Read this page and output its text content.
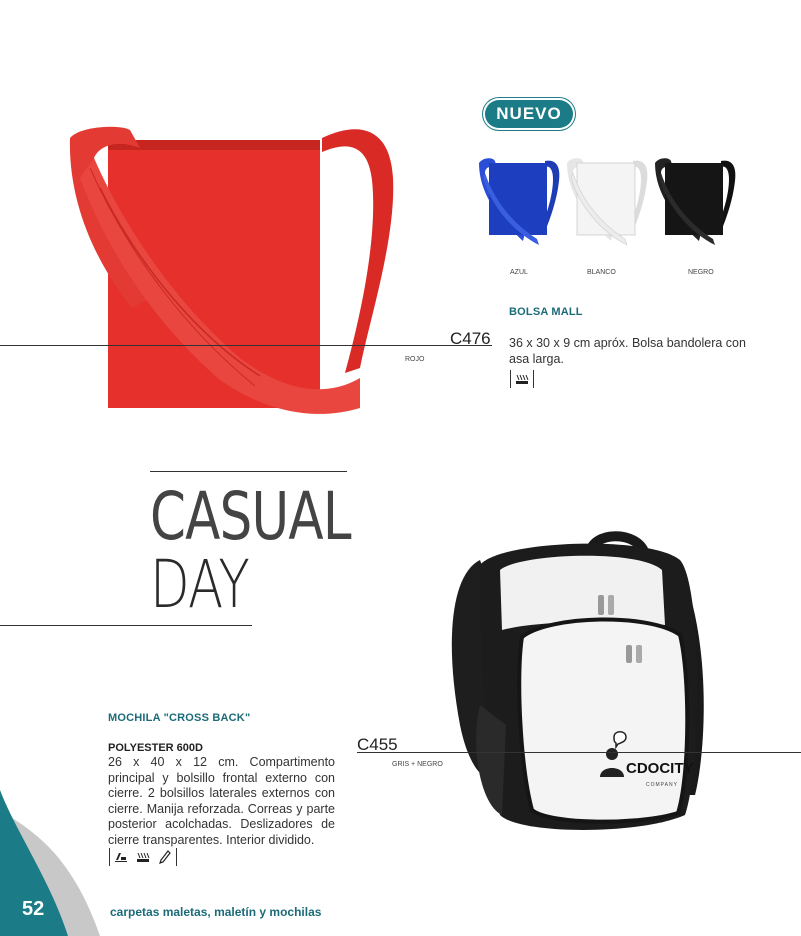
NUEVO
AZUL	BLANCO	NEGRO
BOLSA MALL
C476
ROJO
36 x 30 x 9 cm apróx. Bolsa bandolera con asa larga.
CASUAL
DAY
CDOCITY
COMPANY
C455
GRIS + NEGRO
MOCHILA "CROSS BACK"
POLYESTER 600D
26 x 40 x 12 cm. Compartimento principal y bolsillo frontal externo con cierre. 2 bolsillos laterales externos con cierre. Manija reforzada. Correas y parte posterior acolchadas. Deslizadores de cierre transparentes. Interior dividido.
52	carpetas maletas, maletín y mochilas
